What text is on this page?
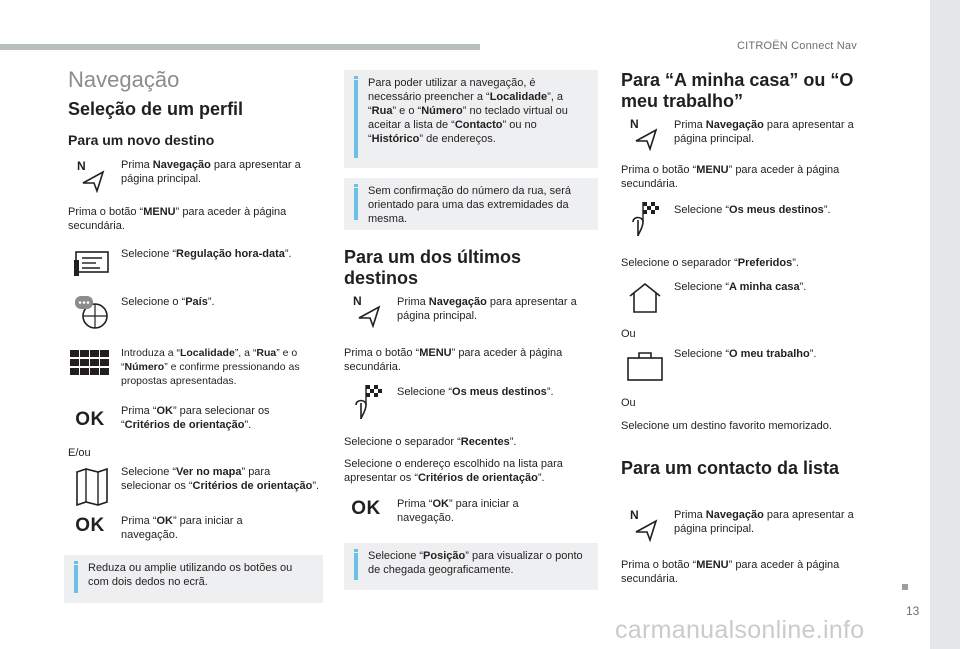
CITROËN Connect Nav
13
carmanualsonline.info
Navegação
Seleção de um perfil
Para um novo destino
N	Prima Navegação para apresentar a página principal.
Prima o botão “MENU” para aceder à página secundária.
Selecione “Regulação hora-data”.
Selecione o “País”.
Introduza a “Localidade”, a “Rua” e o “Número” e confirme pressionando as propostas apresentadas.
OK	Prima “OK” para selecionar os “Critérios de orientação”.
E/ou
Selecione “Ver no mapa” para selecionar os “Critérios de orientação”.
OK	Prima “OK” para iniciar a navegação.
Reduza ou amplie utilizando os botões ou com dois dedos no ecrã.
Para poder utilizar a navegação, é necessário preencher a “Localidade”, a “Rua” e o “Número” no teclado virtual ou aceitar a lista de “Contacto” ou no “Histórico” de endereços.
Sem confirmação do número da rua, será orientado para uma das extremidades da mesma.
Para um dos últimos destinos
N	Prima Navegação para apresentar a página principal.
Prima o botão “MENU” para aceder à página secundária.
Selecione “Os meus destinos”.
Selecione o separador “Recentes”.
Selecione o endereço escolhido na lista para apresentar os “Critérios de orientação”.
OK	Prima “OK” para iniciar a navegação.
Selecione “Posição” para visualizar o ponto de chegada geograficamente.
Para “A minha casa” ou “O meu trabalho”
N	Prima Navegação para apresentar a página principal.
Prima o botão “MENU” para aceder à página secundária.
Selecione “Os meus destinos”.
Selecione o separador “Preferidos”.
Selecione “A minha casa”.
Ou
Selecione “O meu trabalho”.
Ou
Selecione um destino favorito memorizado.
Para um contacto da lista
N	Prima Navegação para apresentar a página principal.
Prima o botão “MENU” para aceder à página secundária.
